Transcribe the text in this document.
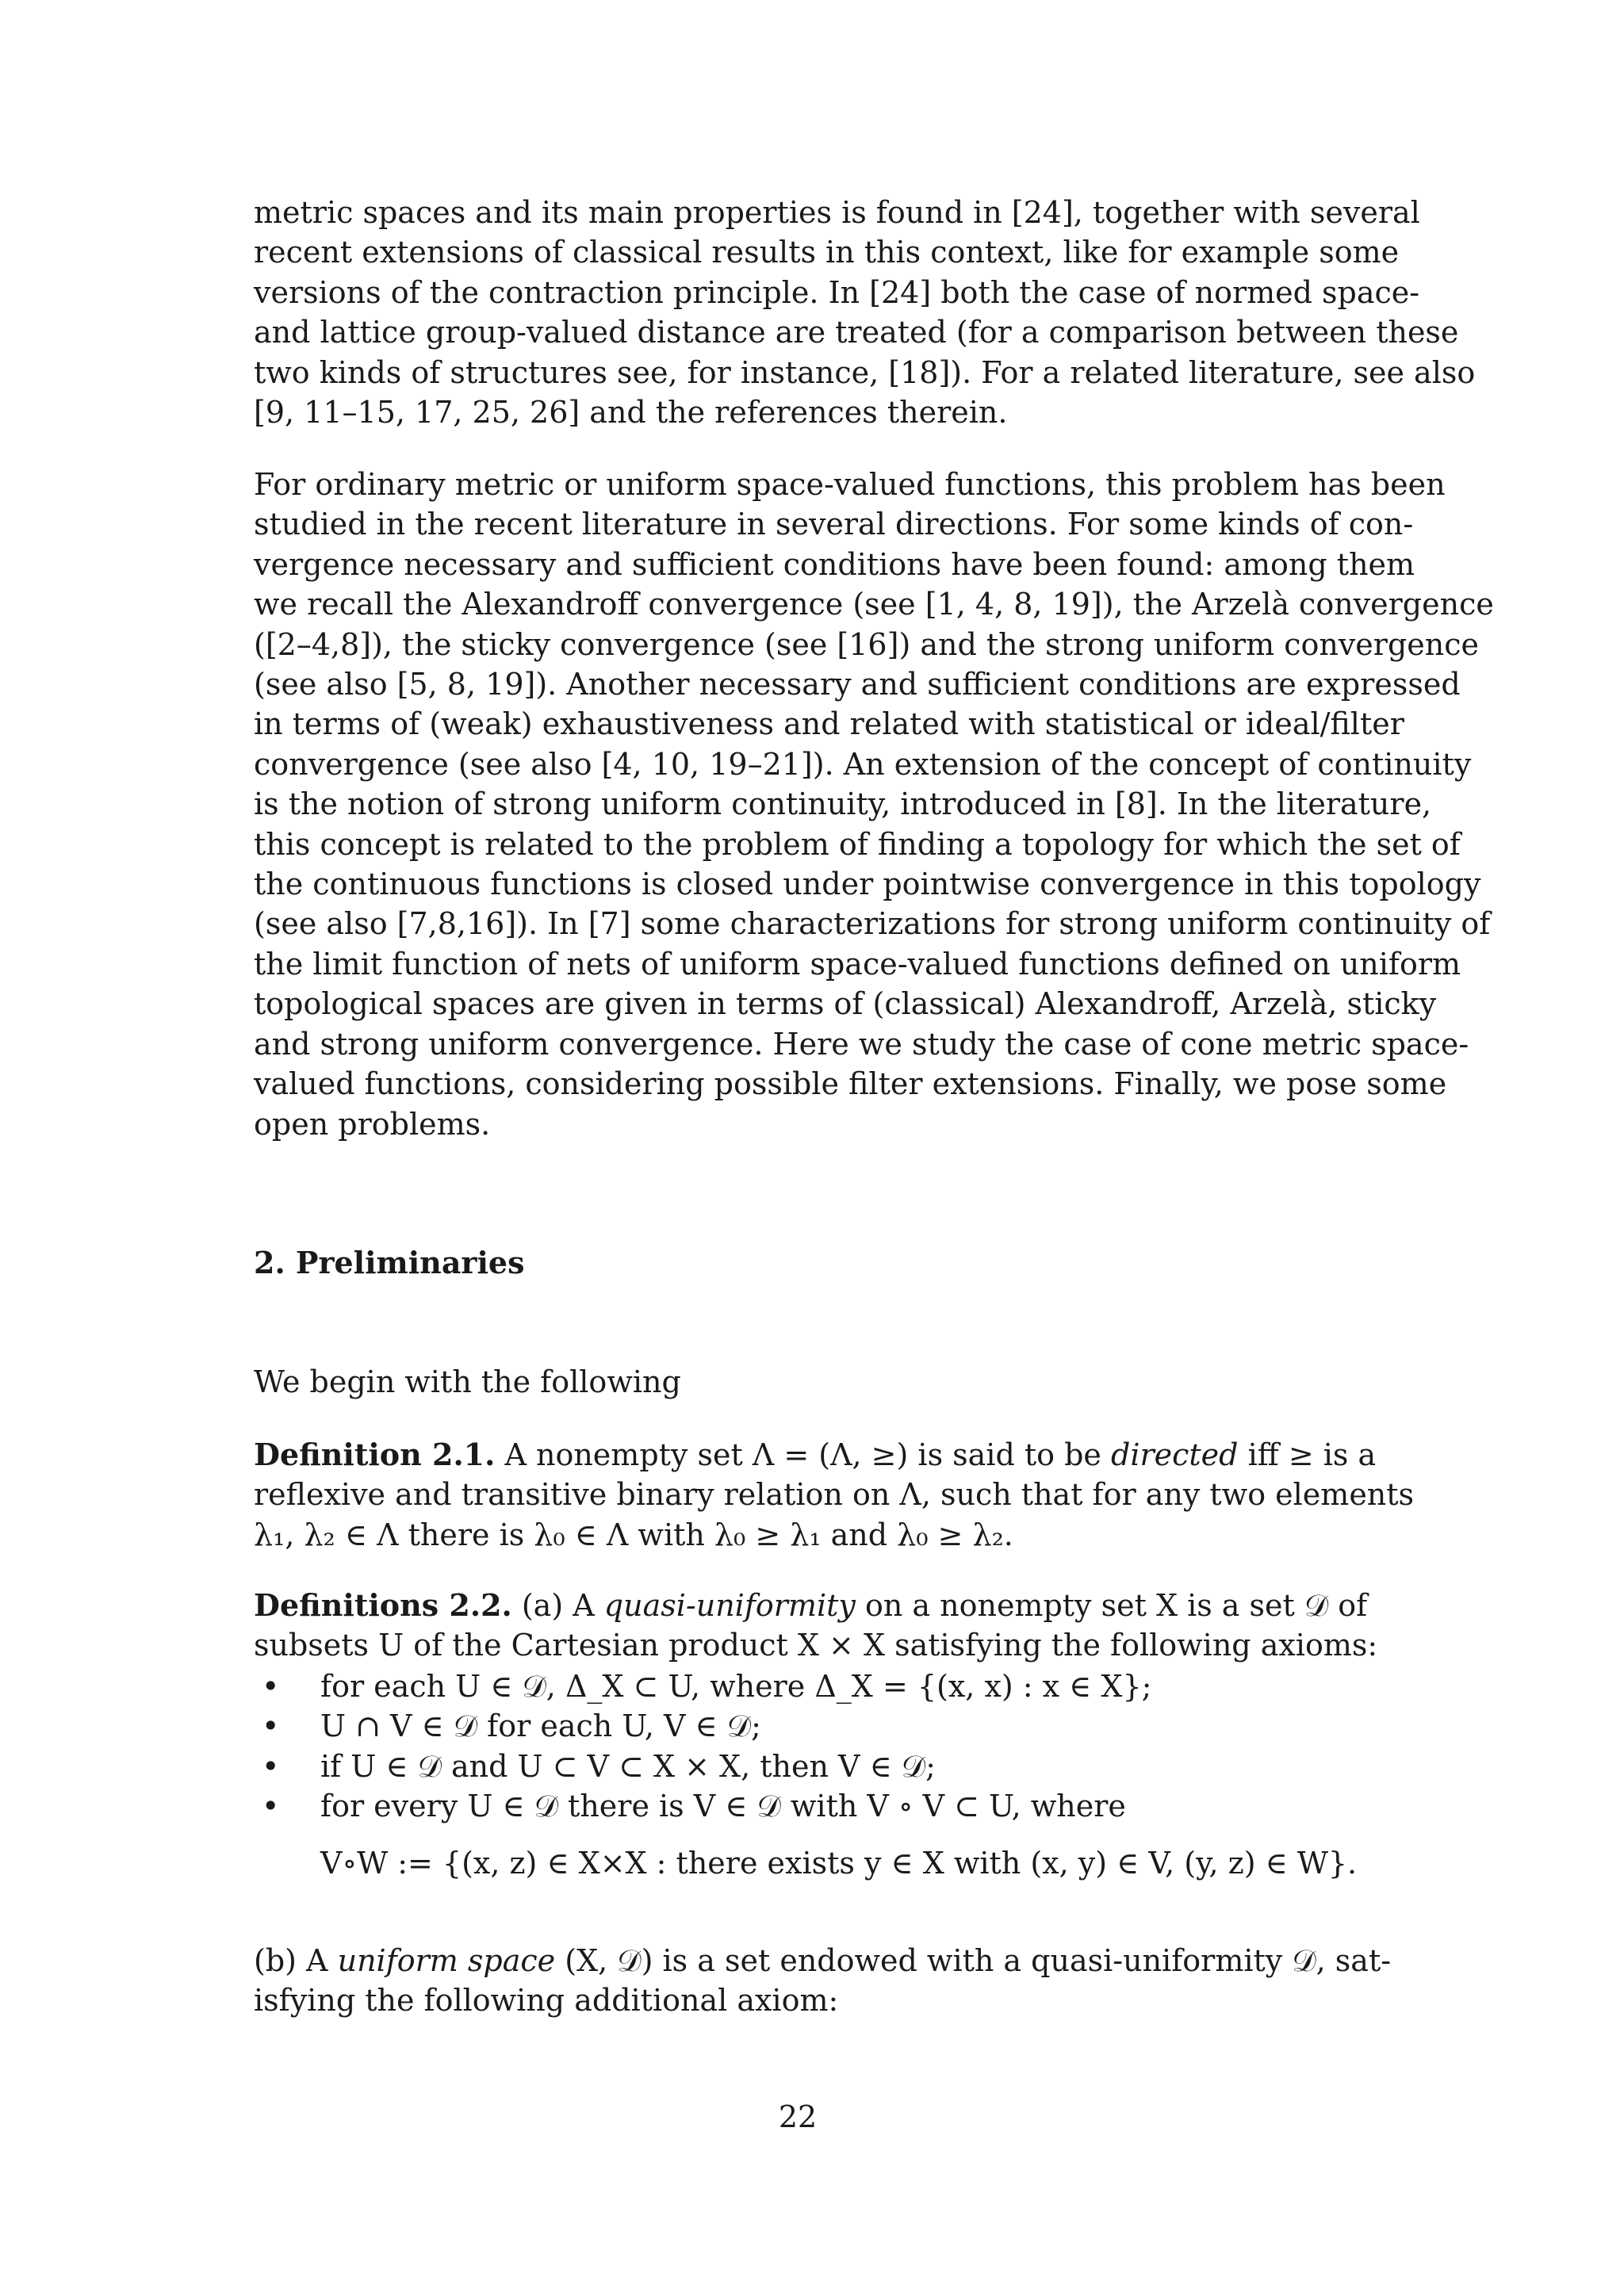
metric spaces and its main properties is found in [24], together with several
recent extensions of classical results in this context, like for example some
versions of the contraction principle. In [24] both the case of normed space-
and lattice group-valued distance are treated (for a comparison between these
two kinds of structures see, for instance, [18]). For a related literature, see also
[9, 11–15, 17, 25, 26] and the references therein.
For ordinary metric or uniform space-valued functions, this problem has been
studied in the recent literature in several directions. For some kinds of con-
vergence necessary and sufficient conditions have been found: among them
we recall the Alexandroff convergence (see [1, 4, 8, 19]), the Arzelà convergence
([2–4,8]), the sticky convergence (see [16]) and the strong uniform convergence
(see also [5, 8, 19]). Another necessary and sufficient conditions are expressed
in terms of (weak) exhaustiveness and related with statistical or ideal/filter
convergence (see also [4, 10, 19–21]). An extension of the concept of continuity
is the notion of strong uniform continuity, introduced in [8]. In the literature,
this concept is related to the problem of finding a topology for which the set of
the continuous functions is closed under pointwise convergence in this topology
(see also [7,8,16]). In [7] some characterizations for strong uniform continuity of
the limit function of nets of uniform space-valued functions defined on uniform
topological spaces are given in terms of (classical) Alexandroff, Arzelà, sticky
and strong uniform convergence. Here we study the case of cone metric space-
valued functions, considering possible filter extensions. Finally, we pose some
open problems.
2. Preliminaries
We begin with the following
Definition 2.1. A nonempty set Λ = (Λ, ≥) is said to be directed iff ≥ is a
reflexive and transitive binary relation on Λ, such that for any two elements
λ₁, λ₂ ∈ Λ there is λ₀ ∈ Λ with λ₀ ≥ λ₁ and λ₀ ≥ λ₂.
Definitions 2.2. (a) A quasi-uniformity on a nonempty set X is a set 𝒟 of
subsets U of the Cartesian product X × X satisfying the following axioms:
• for each U ∈ 𝒟, Δ_X ⊂ U, where Δ_X = {(x, x) : x ∈ X};
• U ∩ V ∈ 𝒟 for each U, V ∈ 𝒟;
• if U ∈ 𝒟 and U ⊂ V ⊂ X × X, then V ∈ 𝒟;
• for every U ∈ 𝒟 there is V ∈ 𝒟 with V ∘ V ⊂ U, where
V∘W := {(x, z) ∈ X×X : there exists y ∈ X with (x, y) ∈ V, (y, z) ∈ W}.
(b) A uniform space (X, 𝒟) is a set endowed with a quasi-uniformity 𝒟, sat-
isfying the following additional axiom:
22
